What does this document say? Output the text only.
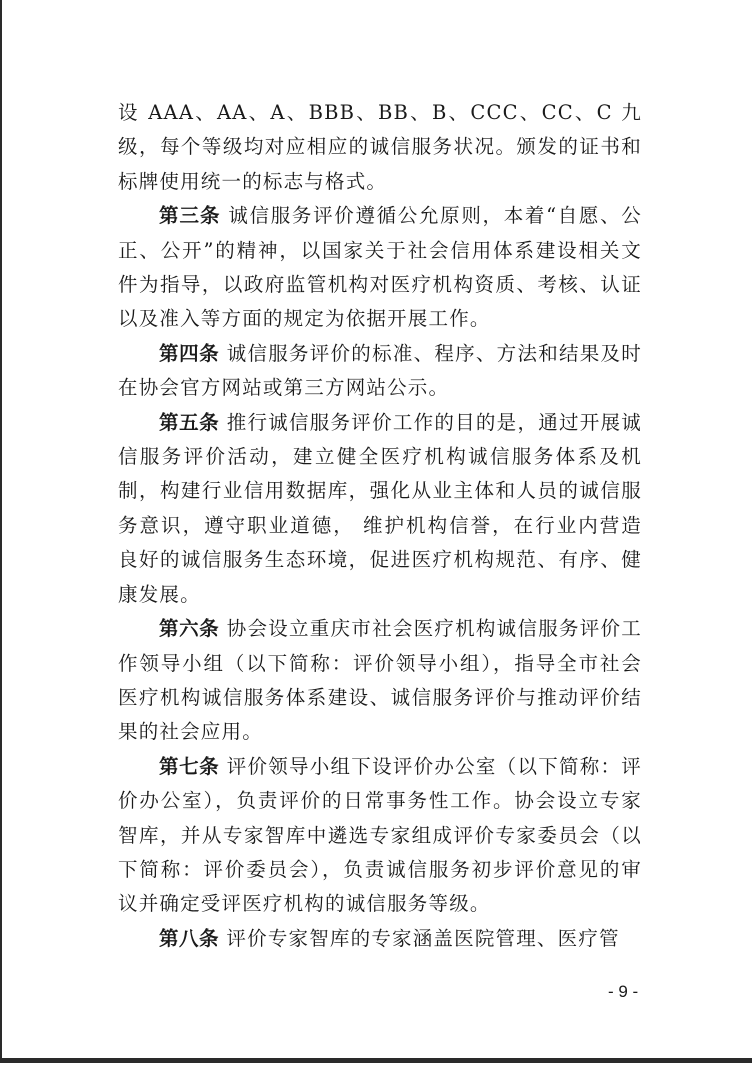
设 AAA、AA、A、BBB、BB、B、CCC、CC、C 九级，每个等级均对应相应的诚信服务状况。颁发的证书和标牌使用统一的标志与格式。

第三条 诚信服务评价遵循公允原则，本着“自愿、公正、公开”的精神，以国家关于社会信用体系建设相关文件为指导，以政府监管机构对医疗机构资质、考核、认证以及准入等方面的规定为依据开展工作。

第四条 诚信服务评价的标准、程序、方法和结果及时在协会官方网站或第三方网站公示。

第五条 推行诚信服务评价工作的目的是，通过开展诚信服务评价活动，建立健全医疗机构诚信服务体系及机制，构建行业信用数据库，强化从业主体和人员的诚信服务意识，遵守职业道德， 维护机构信誉，在行业内营造良好的诚信服务生态环境，促进医疗机构规范、有序、健康发展。

第六条 协会设立重庆市社会医疗机构诚信服务评价工作领导小组（以下简称：评价领导小组），指导全市社会医疗机构诚信服务体系建设、诚信服务评价与推动评价结果的社会应用。

第七条 评价领导小组下设评价办公室（以下简称：评价办公室），负责评价的日常事务性工作。协会设立专家智库，并从专家智库中遴选专家组成评价专家委员会（以下简称：评价委员会），负责诚信服务初步评价意见的审议并确定受评医疗机构的诚信服务等级。

第八条 评价专家智库的专家涵盖医院管理、医疗管

- 9 -
